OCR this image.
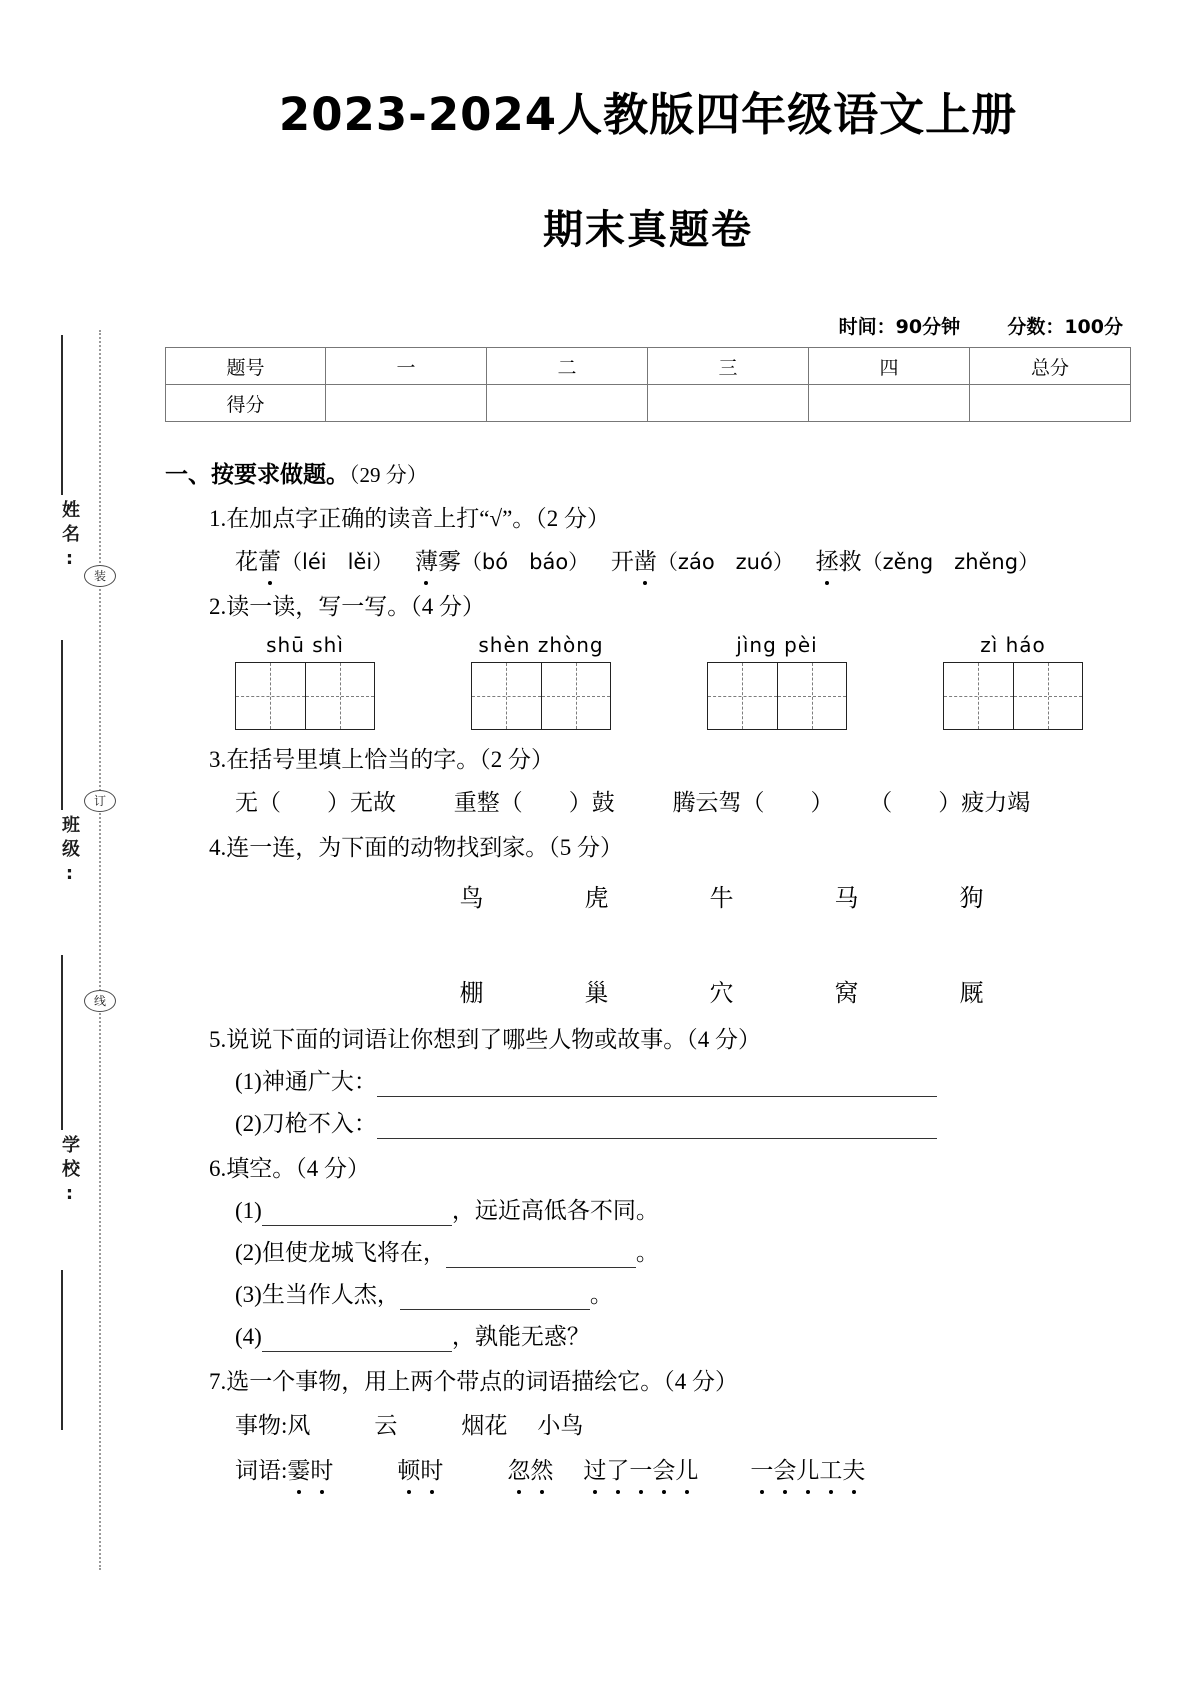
姓名:
班级:
学校:
装
订
线
2023-2024人教版四年级语文上册
期末真题卷
时间：90分钟 分数：100分
题号	一	二	三	四	总分
得分					
一、按要求做题。（29 分）
1.在加点字正确的读音上打“√”。（2 分）
花蕾（léi　lěi） 薄雾（bó　báo） 开凿（záo　zuó） 拯救（zěng　zhěng）
2.读一读，写一写。（4 分）
shū shì	shèn zhòng	jìng pèi	zì háo
3.在括号里填上恰当的字。（2 分）
无（　　）无故	重整（　　）鼓	腾云驾（　　） （　　）疲力竭
4.连一连，为下面的动物找到家。（5 分）
鸟	虎	牛	马	狗
棚	巢	穴	窝	厩
5.说说下面的词语让你想到了哪些人物或故事。（4 分）
(1)神通广大：
(2)刀枪不入：
6.填空。（4 分）
(1)	，远近高低各不同。
(2)但使龙城飞将在，	。
(3)生当作人杰，	。
(4)	，孰能无惑？
7.选一个事物，用上两个带点的词语描绘它。（4 分）
事物:风	云	烟花 小鸟
词语:霎时	顿时	忽然 过了一会儿 一会儿工夫
